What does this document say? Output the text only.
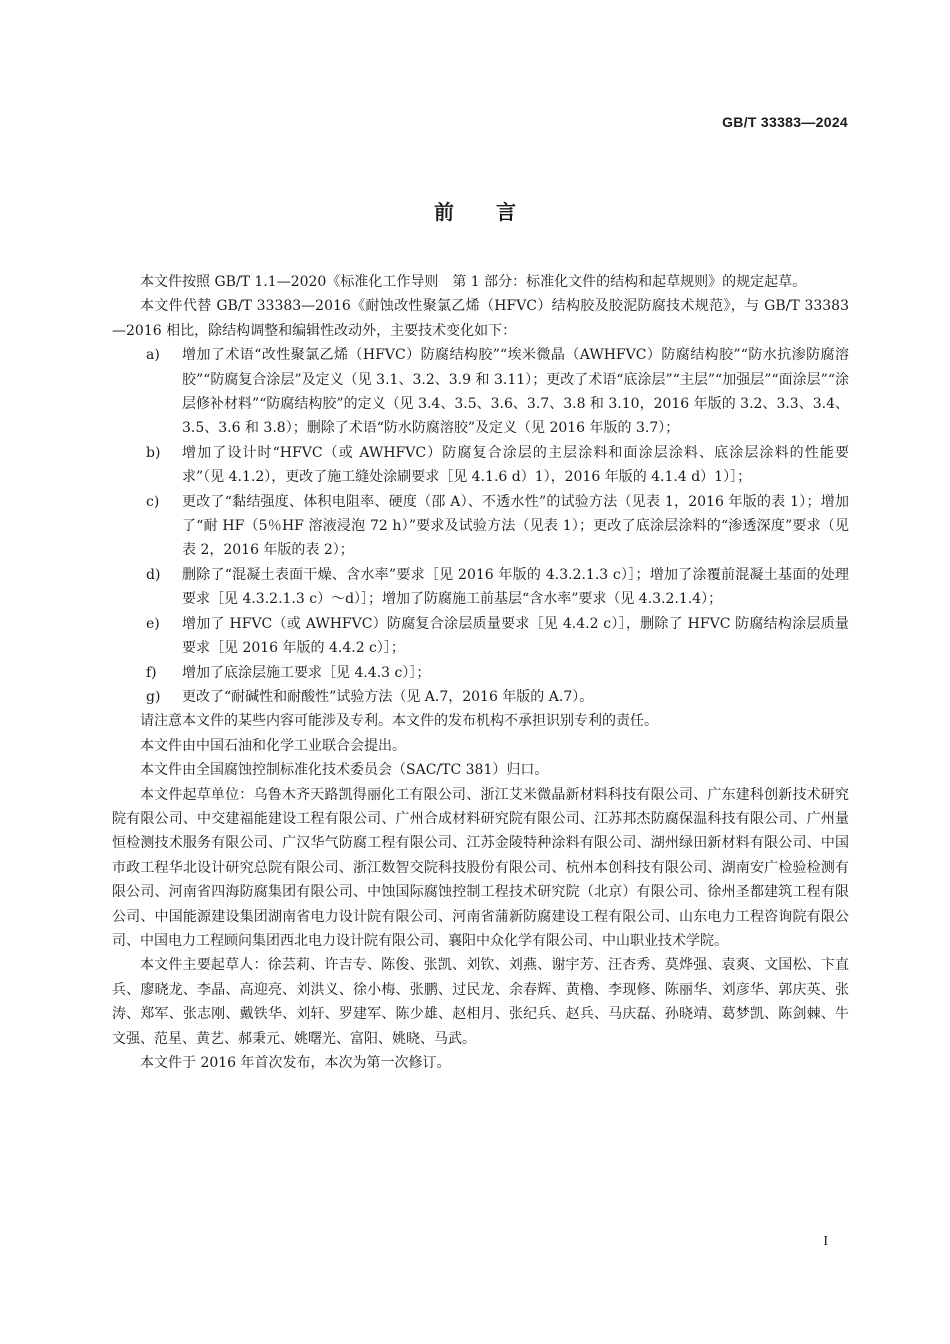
GB/T 33383—2024
前言

本文件按照 GB/T 1.1—2020《标准化工作导则　第 1 部分：标准化文件的结构和起草规则》的规定起草。

本文件代替 GB/T 33383—2016《耐蚀改性聚氯乙烯（HFVC）结构胶及胶泥防腐技术规范》，与 GB/T 33383—2016 相比，除结构调整和编辑性改动外，主要技术变化如下：

a) 增加了术语“改性聚氯乙烯（HFVC）防腐结构胶”“埃米微晶（AWHFVC）防腐结构胶”“防水抗渗防腐溶胶”“防腐复合涂层”及定义（见 3.1、3.2、3.9 和 3.11）；更改了术语“底涂层”“主层”“加强层”“面涂层”“涂层修补材料”“防腐结构胶”的定义（见 3.4、3.5、3.6、3.7、3.8 和 3.10，2016 年版的 3.2、3.3、3.4、3.5、3.6 和 3.8）；删除了术语“防水防腐溶胶”及定义（见 2016 年版的 3.7）；
b) 增加了设计时“HFVC（或 AWHFVC）防腐复合涂层的主层涂料和面涂层涂料、底涂层涂料的性能要求”（见 4.1.2），更改了施工缝处涂刷要求［见 4.1.6 d）1），2016 年版的 4.1.4 d）1）］；
c) 更改了“黏结强度、体积电阻率、硬度（邵 A）、不透水性”的试验方法（见表 1，2016 年版的表 1）；增加了“耐 HF（5％HF 溶液浸泡 72 h）”要求及试验方法（见表 1）；更改了底涂层涂料的“渗透深度”要求（见表 2，2016 年版的表 2）；
d) 删除了“混凝土表面干燥、含水率”要求［见 2016 年版的 4.3.2.1.3 c）］；增加了涂覆前混凝土基面的处理要求［见 4.3.2.1.3 c）～d）］；增加了防腐施工前基层“含水率”要求（见 4.3.2.1.4）；
e) 增加了 HFVC（或 AWHFVC）防腐复合涂层质量要求［见 4.4.2 c）］，删除了 HFVC 防腐结构涂层质量要求［见 2016 年版的 4.4.2 c）］；
f) 增加了底涂层施工要求［见 4.4.3 c）］；
g) 更改了“耐碱性和耐酸性”试验方法（见 A.7，2016 年版的 A.7）。

请注意本文件的某些内容可能涉及专利。本文件的发布机构不承担识别专利的责任。

本文件由中国石油和化学工业联合会提出。

本文件由全国腐蚀控制标准化技术委员会（SAC/TC 381）归口。

本文件起草单位：乌鲁木齐天路凯得丽化工有限公司、浙江艾米微晶新材料科技有限公司、广东建科创新技术研究院有限公司、中交建福能建设工程有限公司、广州合成材料研究院有限公司、江苏邦杰防腐保温科技有限公司、广州量恒检测技术服务有限公司、广汉华气防腐工程有限公司、江苏金陵特种涂料有限公司、湖州绿田新材料有限公司、中国市政工程华北设计研究总院有限公司、浙江数智交院科技股份有限公司、杭州本创科技有限公司、湖南安广检验检测有限公司、河南省四海防腐集团有限公司、中蚀国际腐蚀控制工程技术研究院（北京）有限公司、徐州圣都建筑工程有限公司、中国能源建设集团湖南省电力设计院有限公司、河南省蒲新防腐建设工程有限公司、山东电力工程咨询院有限公司、中国电力工程顾问集团西北电力设计院有限公司、襄阳中众化学有限公司、中山职业技术学院。

本文件主要起草人：徐芸莉、许吉专、陈俊、张凯、刘钦、刘燕、谢宇芳、汪杏秀、莫烨强、袁爽、文国松、卞直兵、廖晓龙、李晶、高迎亮、刘洪义、徐小梅、张鹏、过民龙、余春辉、黄櫓、李现修、陈丽华、刘彦华、郭庆英、张涛、郑军、张志刚、戴铁华、刘轩、罗建军、陈少雄、赵相月、张纪兵、赵兵、马庆磊、孙晓靖、葛梦凯、陈剑棘、牛文强、范星、黄艺、郝秉元、姚曙光、富阳、姚晓、马武。

本文件于 2016 年首次发布，本次为第一次修订。

I
